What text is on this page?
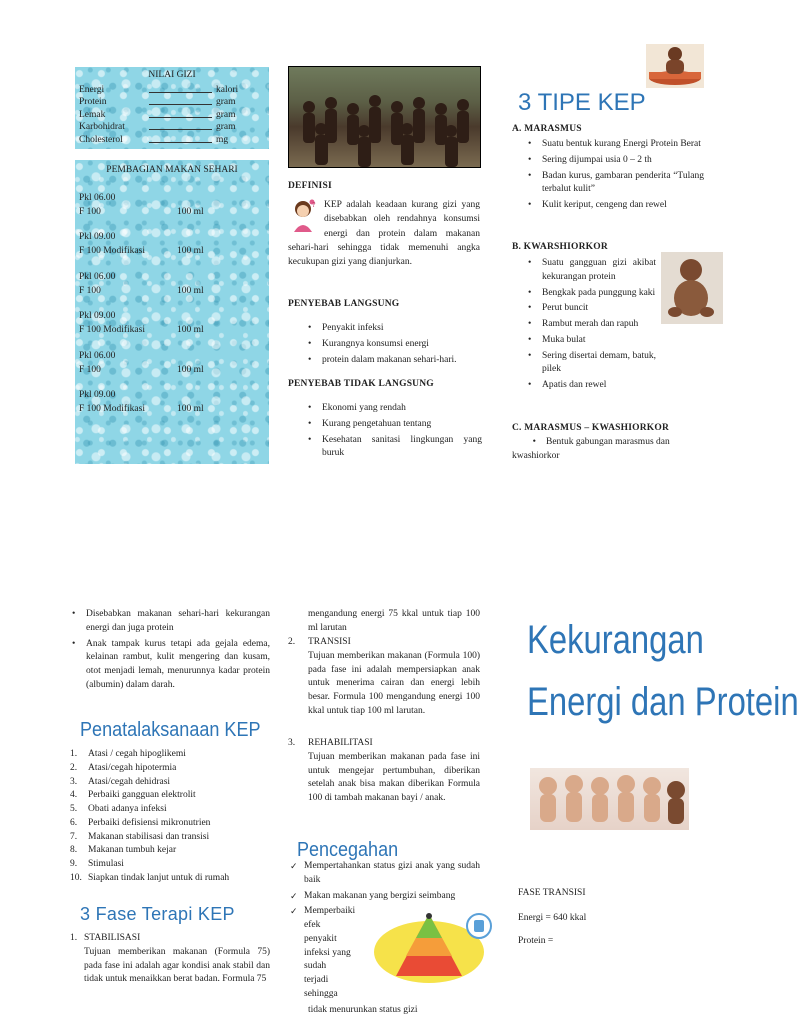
NILAI GIZI
Energi	kalori
Protein	gram
Lemak	gram
Karbohidrat	gram
Cholesterol	mg
PEMBAGIAN MAKAN SEHARI
Pkl 06.00
F 100	100 ml
Pkl 09.00
F 100 Modifikasi	100 ml
Pkl 06.00
F 100	100 ml
Pkl 09.00
F 100 Modifikasi	100 ml
Pkl 06.00
F 100	100 ml
Pkl 09.00
F 100 Modifikasi	100 ml
DEFINISI
? KEP adalah keadaan kurang gizi yang disebabkan oleh rendahnya konsumsi energi dan protein dalam makanan sehari-hari sehingga tidak memenuhi angka kecukupan gizi yang dianjurkan.
PENYEBAB LANGSUNG
• Penyakit infeksi
• Kurangnya konsumsi energi
• protein dalam makanan sehari-hari.
PENYEBAB TIDAK LANGSUNG
• Ekonomi yang rendah
• Kurang pengetahuan tentang
• Kesehatan sanitasi lingkungan yang buruk
3 TIPE KEP
A. MARASMUS
• Suatu bentuk kurang Energi Protein Berat
• Sering dijumpai usia 0 – 2 th
• Badan kurus, gambaran penderita “Tulang terbalut kulit”
• Kulit keriput, cengeng dan rewel
B. KWARSHIORKOR
• Suatu gangguan gizi akibat kekurangan protein
• Bengkak pada punggung kaki
• Perut buncit
• Rambut merah dan rapuh
• Muka bulat
• Sering disertai demam, batuk, pilek
• Apatis dan rewel
C. MARASMUS – KWASHIORKOR
• Bentuk gabungan marasmus dan kwashiorkor
• Disebabkan makanan sehari-hari kekurangan energi dan juga protein
• Anak tampak kurus tetapi ada gejala edema, kelainan rambut, kulit mengering dan kusam, otot menjadi lemah, menurunnya kadar protein (albumin) dalam darah.
Penatalaksanaan KEP
1.	Atasi / cegah hipoglikemi
2.	Atasi/cegah hipotermia
3.	Atasi/cegah dehidrasi
4.	Perbaiki gangguan elektrolit
5.	Obati adanya infeksi
6.	Perbaiki defisiensi mikronutrien
7.	Makanan stabilisasi dan transisi
8.	Makanan tumbuh kejar
9.	Stimulasi
10. Siapkan tindak lanjut untuk di rumah
3 Fase Terapi KEP
1. STABILISASI
Tujuan memberikan makanan (Formula 75) pada fase ini adalah agar kondisi anak stabil dan tidak untuk menaikkan berat badan. Formula 75
mengandung energi 75 kkal untuk tiap 100 ml larutan
2.	TRANSISI
Tujuan memberikan makanan (Formula 100) pada fase ini adalah mempersiapkan anak untuk menerima cairan dan energi lebih besar. Formula 100 mengandung energi 100 kkal untuk tiap 100 ml larutan.
3.	REHABILITASI
Tujuan memberikan makanan pada fase ini untuk mengejar pertumbuhan, diberikan setelah anak bisa makan diberikan Formula 100 di tambah makanan bayi / anak.
Pencegahan
✓ Mempertahankan status gizi anak yang sudah baik
✓ Makan makanan yang bergizi seimbang
✓ Memperbaiki efek penyakit infeksi yang sudah terjadi sehingga
tidak menurunkan status gizi
Kekurangan
Energi dan Protein
FASE TRANSISI
Energi = 640 kkal
Protein =
